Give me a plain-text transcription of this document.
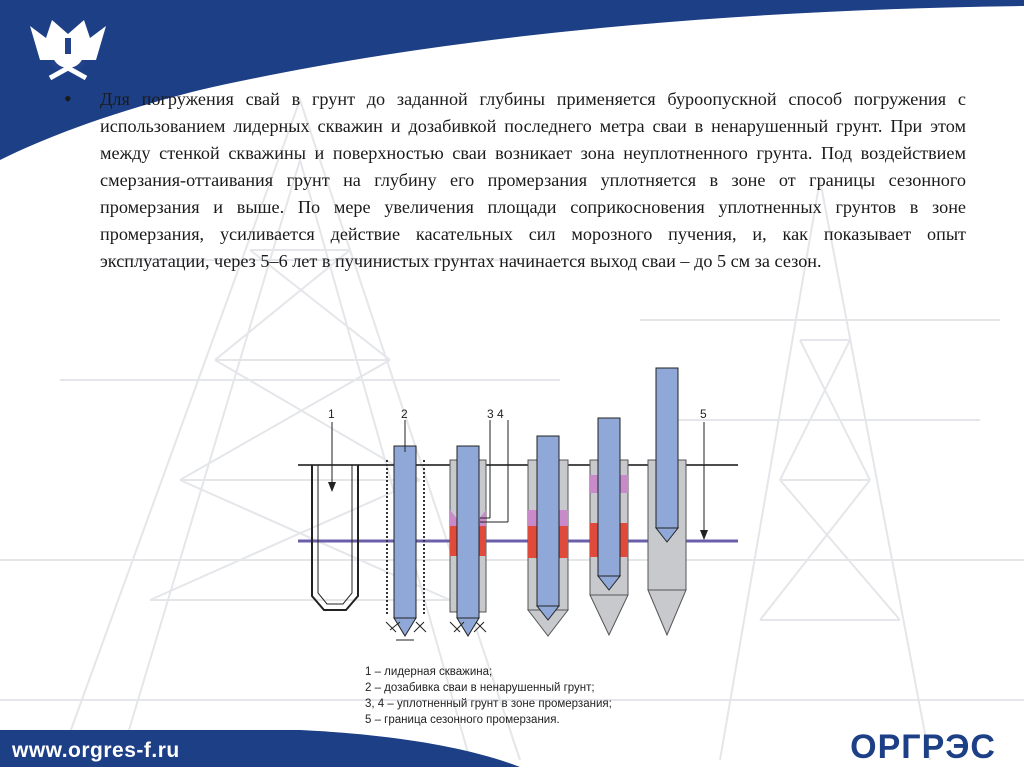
• Для погружения свай в грунт до заданной глубины применяется буроопускной способ погружения с использованием лидерных скважин и дозабивкой последнего метра сваи в ненарушенный грунт. При этом между стенкой скважины и поверхностью сваи возникает зона неуплотненного грунта. Под воздействием смерзания-оттаивания грунт на глубину его промерзания уплотняется в зоне от границы сезонного промерзания и выше. По мере увеличения площади соприкосновения уплотненных грунтов в зоне промерзания, усиливается действие касательных сил морозного пучения, и, как показывает опыт эксплуатации, через 5–6 лет в пучинистых грунтах начинается выход сваи – до 5 см за сезон.

1	2	3 4	5
1 – лидерная скважина;
2 – дозабивка сваи в ненарушенный грунт;
3, 4 – уплотненный грунт в зоне промерзания;
5 – граница сезонного промерзания.
www.orgres-f.ru	ОРГРЭС
